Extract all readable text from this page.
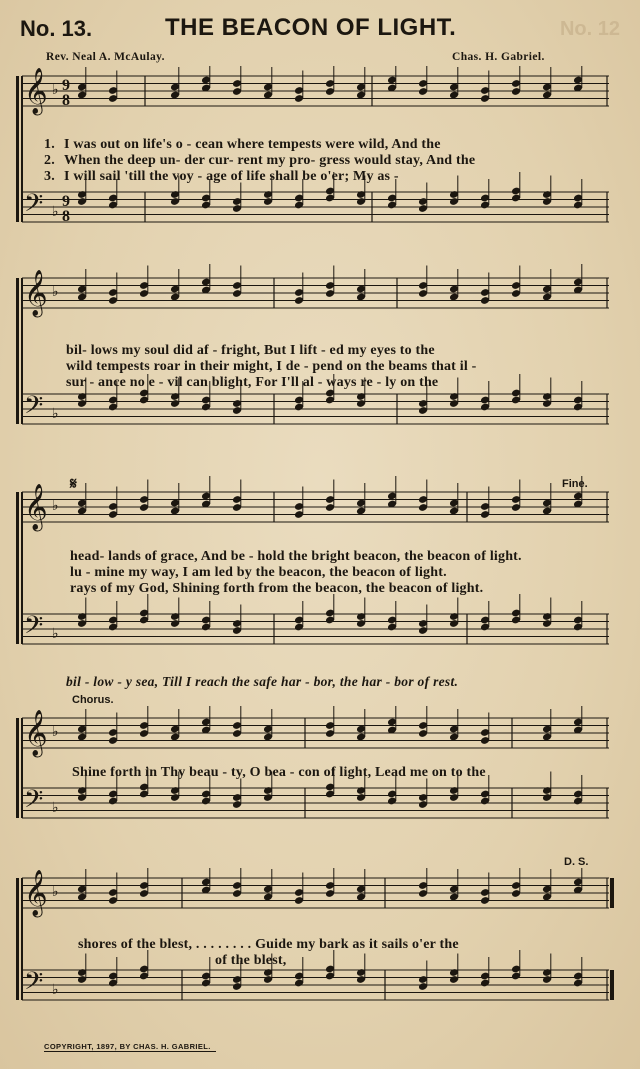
No. 13.	THE BEACON OF LIGHT.	No. 12
Rev. Neal A. McAulay.	Chas. H. Gabriel.
𝄞 ♭
𝄢 ♭
9
8
9
8
1. I was out on life's o - cean where tempests were wild, And the
2. When the deep un- der cur- rent my pro- gress would stay, And the
3. I will sail 'till the voy - age of life shall be o'er; My as -
𝄞 ♭
𝄢 ♭
bil- lows my soul did af - fright, But I lift - ed my eyes to the
wild tempests roar in their might, I de - pend on the beams that il -
sur - ance no e - vil can blight, For I'll al - ways re - ly on the
𝄞 ♭
𝄢 ♭
𝄋	Fine.
head- lands of grace, And be - hold the bright beacon, the beacon of light.
lu - mine my way, I am led by the beacon, the beacon of light.
rays of my God, Shining forth from the beacon, the beacon of light.
bil - low - y sea, Till I reach the safe har - bor, the har - bor of rest.
Chorus.
𝄞 ♭
𝄢 ♭
Shine forth in Thy beau - ty, O bea - con of light, Lead me on to the
D. S.
𝄞 ♭
𝄢 ♭
shores of the blest, . . . . . . . . Guide my bark as it sails o'er the
of the blest,
COPYRIGHT, 1897, BY CHAS. H. GABRIEL.
